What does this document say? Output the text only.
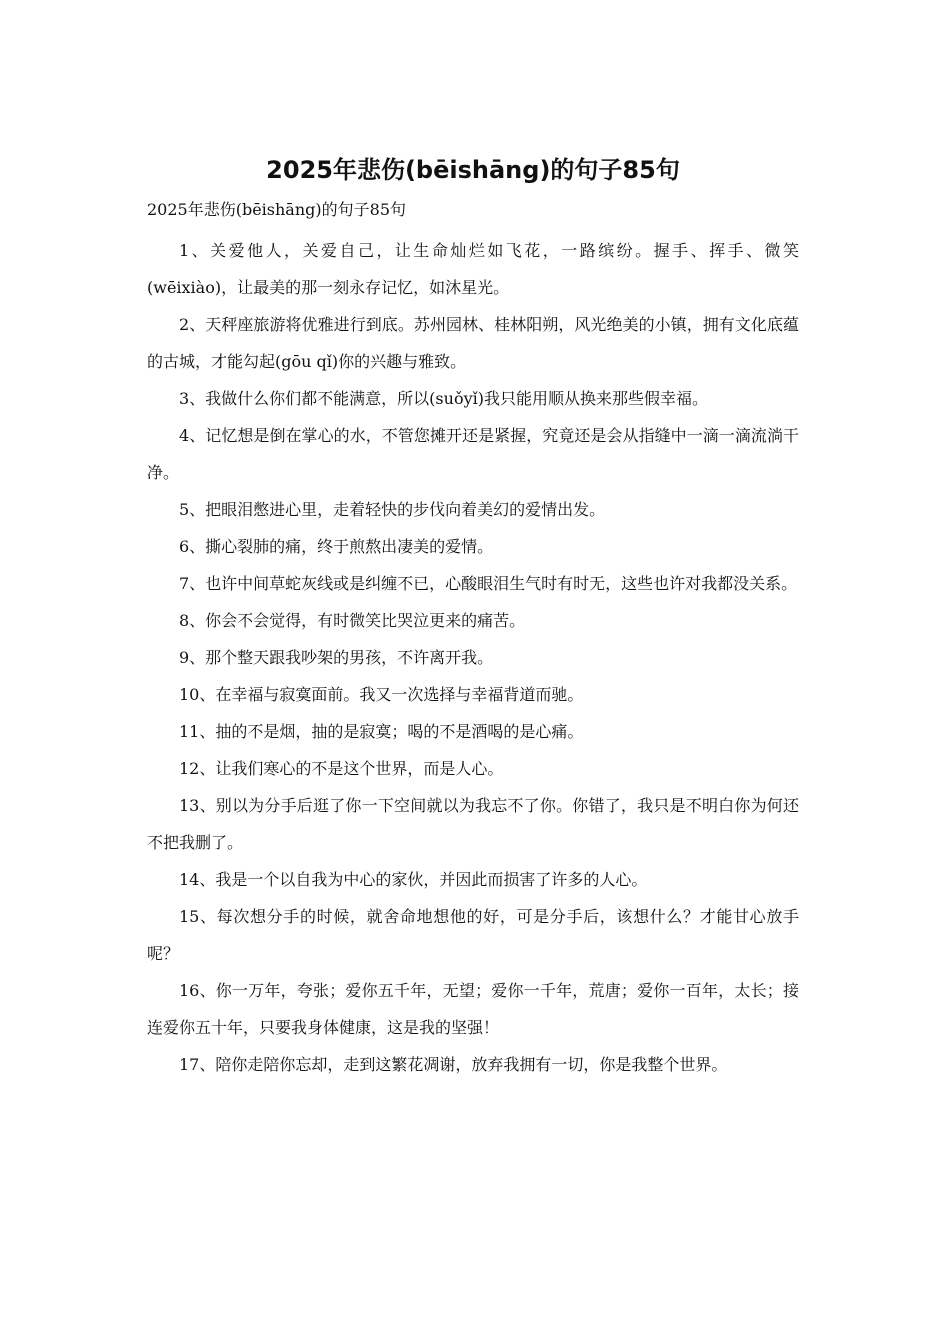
2025年悲伤(bēishāng)的句子85句

2025年悲伤(bēishāng)的句子85句

1、关爱他人，关爱自己，让生命灿烂如飞花，一路缤纷。握手、挥手、微笑(wēixiào)，让最美的那一刻永存记忆，如沐星光。

2、天秤座旅游将优雅进行到底。苏州园林、桂林阳朔，风光绝美的小镇，拥有文化底蕴的古城，才能勾起(gōu qǐ)你的兴趣与雅致。

3、我做什么你们都不能满意，所以(suǒyǐ)我只能用顺从换来那些假幸福。

4、记忆想是倒在掌心的水，不管您摊开还是紧握，究竟还是会从指缝中一滴一滴流淌干净。

5、把眼泪憋进心里，走着轻快的步伐向着美幻的爱情出发。

6、撕心裂肺的痛，终于煎熬出凄美的爱情。

7、也许中间草蛇灰线或是纠缠不已，心酸眼泪生气时有时无，这些也许对我都没关系。

8、你会不会觉得，有时微笑比哭泣更来的痛苦。

9、那个整天跟我吵架的男孩，不许离开我。

10、在幸福与寂寞面前。我又一次选择与幸福背道而驰。

11、抽的不是烟，抽的是寂寞；喝的不是酒喝的是心痛。

12、让我们寒心的不是这个世界，而是人心。

13、别以为分手后逛了你一下空间就以为我忘不了你。你错了，我只是不明白你为何还不把我删了。

14、我是一个以自我为中心的家伙，并因此而损害了许多的人心。

15、每次想分手的时候，就舍命地想他的好，可是分手后，该想什么？才能甘心放手呢？

16、你一万年，夸张；爱你五千年，无望；爱你一千年，荒唐；爱你一百年，太长；接连爱你五十年，只要我身体健康，这是我的坚强！

17、陪你走陪你忘却，走到这繁花凋谢，放弃我拥有一切，你是我整个世界。
